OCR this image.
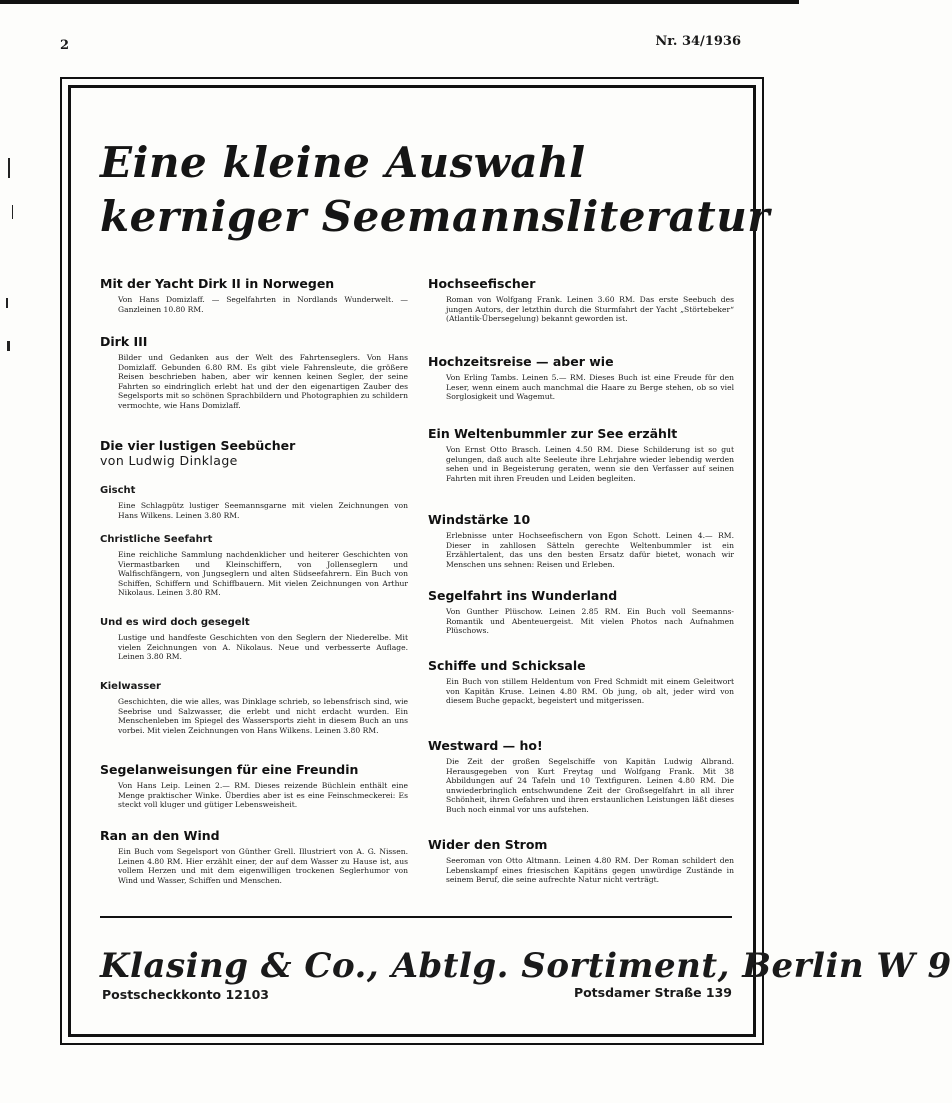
2	Nr. 34/1936
Eine kleine Auswahl
kerniger Seemannsliteratur
Mit der Yacht Dirk II in Norwegen
Von Hans Domizlaff. — Segelfahrten in Nordlands Wunderwelt. — Ganzleinen 10.80 RM.
Dirk III
Bilder und Gedanken aus der Welt des Fahrtenseglers. Von Hans Domizlaff. Gebunden 6.80 RM. Es gibt viele Fahrensleute, die größere Reisen beschrieben haben, aber wir kennen keinen Segler, der seine Fahrten so eindringlich erlebt hat und der den eigenartigen Zauber des Segelsports mit so schönen Sprachbildern und Photographien zu schildern vermochte, wie Hans Domizlaff.
Die vier lustigen Seebücher
von Ludwig Dinklage
Gischt
Eine Schlagpütz lustiger Seemannsgarne mit vielen Zeichnungen von Hans Wilkens. Leinen 3.80 RM.
Christliche Seefahrt
Eine reichliche Sammlung nachdenklicher und heiterer Geschichten von Viermastbarken und Kleinschiffern, von Jollenseglern und Walfischfängern, von Jungseglern und alten Südseefahrern. Ein Buch von Schiffen, Schiffern und Schiffbauern. Mit vielen Zeichnungen von Arthur Nikolaus. Leinen 3.80 RM.
Und es wird doch gesegelt
Lustige und handfeste Geschichten von den Seglern der Niederelbe. Mit vielen Zeichnungen von A. Nikolaus. Neue und verbesserte Auflage. Leinen 3.80 RM.
Kielwasser
Geschichten, die wie alles, was Dinklage schrieb, so lebensfrisch sind, wie Seebrise und Salzwasser, die erlebt und nicht erdacht wurden. Ein Menschenleben im Spiegel des Wassersports zieht in diesem Buch an uns vorbei. Mit vielen Zeichnungen von Hans Wilkens. Leinen 3.80 RM.
Segelanweisungen für eine Freundin
Von Hans Leip. Leinen 2.— RM. Dieses reizende Büchlein enthält eine Menge praktischer Winke. Überdies aber ist es eine Feinschmeckerei: Es steckt voll kluger und gütiger Lebensweisheit.
Ran an den Wind
Ein Buch vom Segelsport von Günther Grell. Illustriert von A. G. Nissen. Leinen 4.80 RM. Hier erzählt einer, der auf dem Wasser zu Hause ist, aus vollem Herzen und mit dem eigenwilligen trockenen Seglerhumor von Wind und Wasser, Schiffen und Menschen.
Hochseefischer
Roman von Wolfgang Frank. Leinen 3.60 RM. Das erste Seebuch des jungen Autors, der letzthin durch die Sturmfahrt der Yacht „Störtebeker“ (Atlantik-Übersegelung) bekannt geworden ist.
Hochzeitsreise — aber wie
Von Erling Tambs. Leinen 5.— RM. Dieses Buch ist eine Freude für den Leser, wenn einem auch manchmal die Haare zu Berge stehen, ob so viel Sorglosigkeit und Wagemut.
Ein Weltenbummler zur See erzählt
Von Ernst Otto Brasch. Leinen 4.50 RM. Diese Schilderung ist so gut gelungen, daß auch alte Seeleute ihre Lehrjahre wieder lebendig werden sehen und in Begeisterung geraten, wenn sie den Verfasser auf seinen Fahrten mit ihren Freuden und Leiden begleiten.
Windstärke 10
Erlebnisse unter Hochseefischern von Egon Schott. Leinen 4.— RM. Dieser in zahllosen Sätteln gerechte Weltenbummler ist ein Erzählertalent, das uns den besten Ersatz dafür bietet, wonach wir Menschen uns sehnen: Reisen und Erleben.
Segelfahrt ins Wunderland
Von Gunther Plüschow. Leinen 2.85 RM. Ein Buch voll Seemanns-Romantik und Abenteuergeist. Mit vielen Photos nach Aufnahmen Plüschows.
Schiffe und Schicksale
Ein Buch von stillem Heldentum von Fred Schmidt mit einem Geleitwort von Kapitän Kruse. Leinen 4.80 RM. Ob jung, ob alt, jeder wird von diesem Buche gepackt, begeistert und mitgerissen.
Westward — ho!
Die Zeit der großen Segelschiffe von Kapitän Ludwig Albrand. Herausgegeben von Kurt Freytag und Wolfgang Frank. Mit 38 Abbildungen auf 24 Tafeln und 10 Textfiguren. Leinen 4.80 RM. Die unwiederbringlich entschwundene Zeit der Großsegelfahrt in all ihrer Schönheit, ihren Gefahren und ihren erstaunlichen Leistungen läßt dieses Buch noch einmal vor uns aufstehen.
Wider den Strom
Seeroman von Otto Altmann. Leinen 4.80 RM. Der Roman schildert den Lebenskampf eines friesischen Kapitäns gegen unwürdige Zustände in seinem Beruf, die seine aufrechte Natur nicht verträgt.
Klasing & Co., Abtlg. Sortiment, Berlin W 9
Postscheckkonto 12103	Potsdamer Straße 139
